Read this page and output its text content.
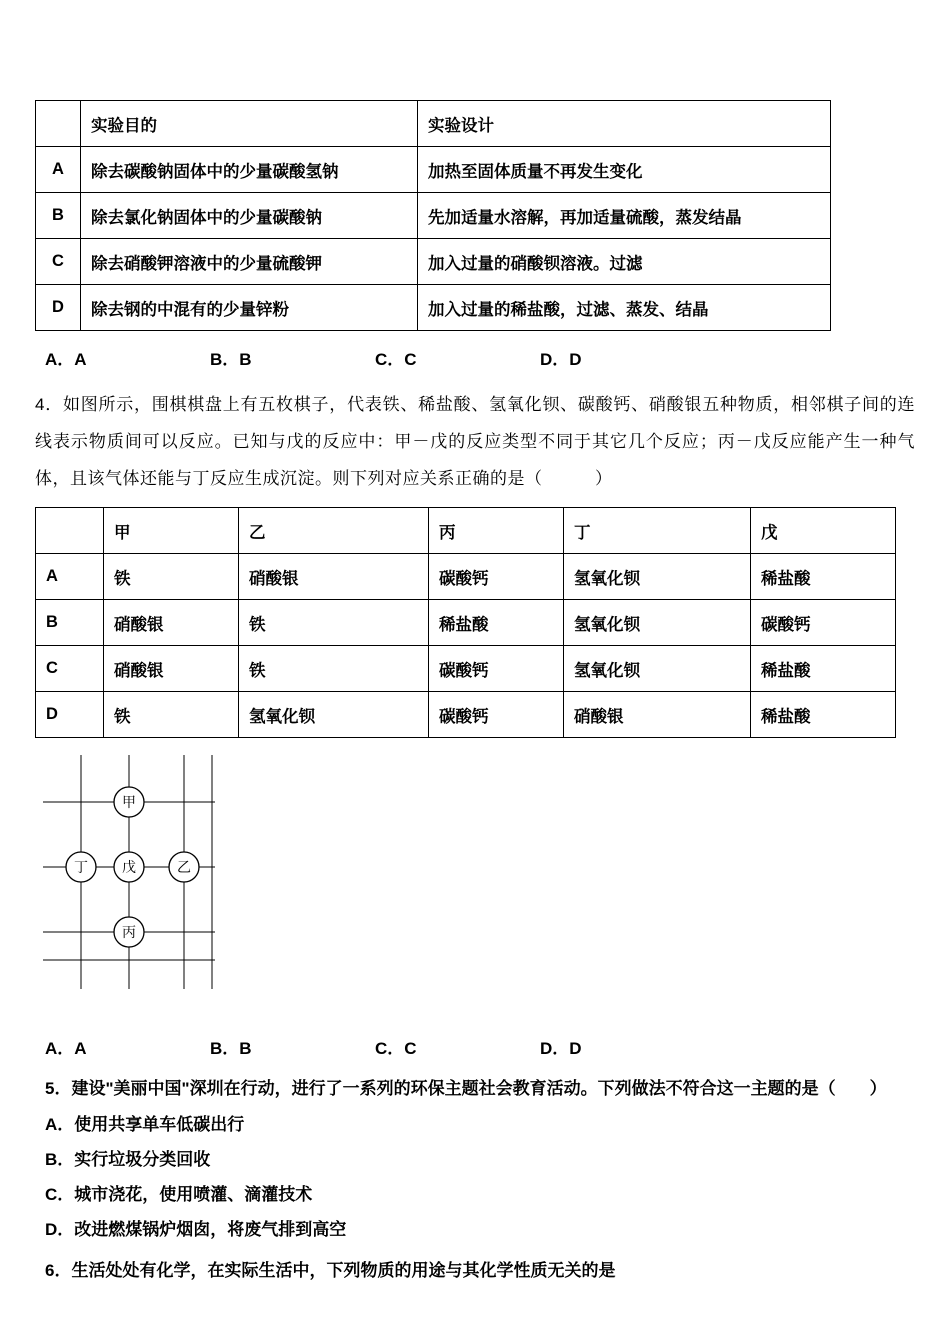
	实验目的	实验设计
A	除去碳酸钠固体中的少量碳酸氢钠	加热至固体质量不再发生变化
B	除去氯化钠固体中的少量碳酸钠	先加适量水溶解，再加适量硫酸，蒸发结晶
C	除去硝酸钾溶液中的少量硫酸钾	加入过量的硝酸钡溶液。过滤
D	除去钢的中混有的少量锌粉	加入过量的稀盐酸，过滤、蒸发、结晶
A．A	B．B	C．C	D．D

4．如图所示，围棋棋盘上有五枚棋子，代表铁、稀盐酸、氢氧化钡、碳酸钙、硝酸银五种物质，相邻棋子间的连线表示物质间可以反应。已知与戊的反应中：甲－戊的反应类型不同于其它几个反应；丙－戊反应能产生一种气体，且该气体还能与丁反应生成沉淀。则下列对应关系正确的是（　　　）

	甲	乙	丙	丁	戊
A	铁	硝酸银	碳酸钙	氢氧化钡	稀盐酸
B	硝酸银	铁	稀盐酸	氢氧化钡	碳酸钙
C	硝酸银	铁	碳酸钙	氢氧化钡	稀盐酸
D	铁	氢氧化钡	碳酸钙	硝酸银	稀盐酸
甲
丁 戊	乙
丙
A．A	B．B	C．C	D．D

5．建设"美丽中国"深圳在行动，进行了一系列的环保主题社会教育活动。下列做法不符合这一主题的是（　　）

A．使用共享单车低碳出行

B．实行垃圾分类回收

C．城市浇花，使用喷灌、滴灌技术

D．改进燃煤锅炉烟囱，将废气排到高空

6．生活处处有化学，在实际生活中，下列物质的用途与其化学性质无关的是
